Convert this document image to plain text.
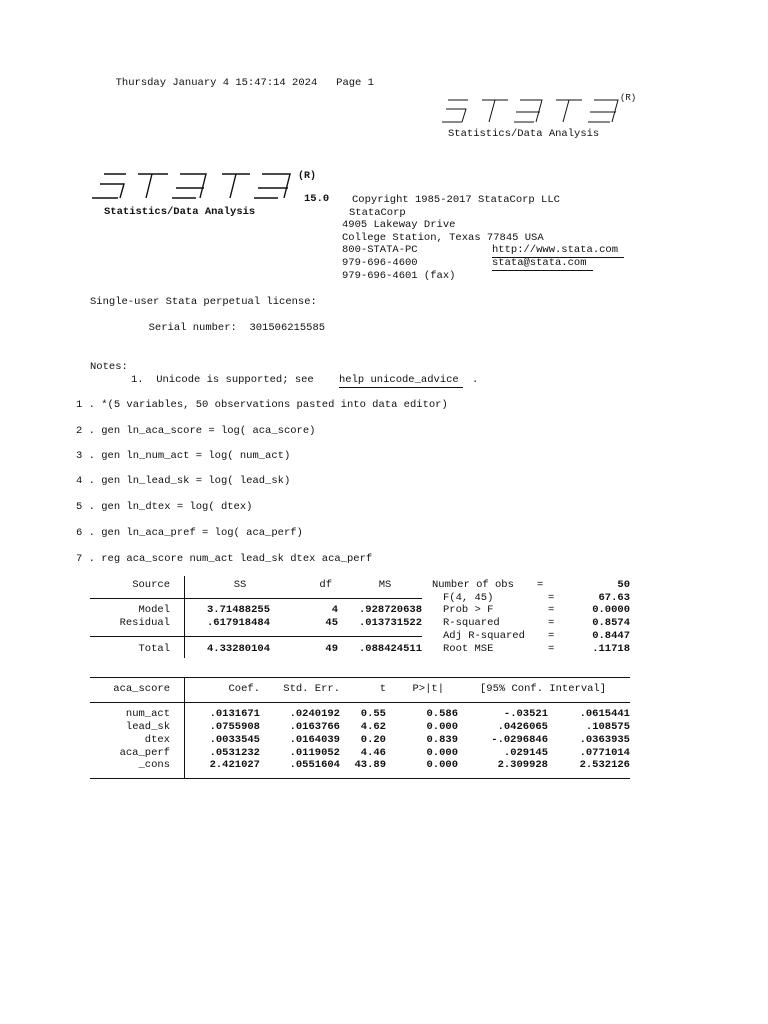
Thursday January 4 15:47:14 2024 Page 1

(R)
Statistics/Data Analysis
(R)
Statistics/Data Analysis
15.0 Copyright 1985-2017 StataCorp LLC
StataCorp
4905 Lakeway Drive
College Station, Texas 77845 USA
800-STATA-PC	http://www.stata.com
979-696-4600	stata@stata.com
979-696-4601 (fax)
Single-user Stata perpetual license:

Serial number: 301506215585

Notes:
1.  Unicode is supported; see help unicode_advice	.
1 . *(5 variables, 50 observations pasted into data editor)
2 . gen ln_aca_score = log( aca_score)
3 . gen ln_num_act = log( num_act)
4 . gen ln_lead_sk = log( lead_sk)
5 . gen ln_dtex = log( dtex)
6 . gen ln_aca_pref = log( aca_perf)
7 . reg aca_score num_act lead_sk dtex aca_perf
Source	SS	df	MS
Model	3.71488255	4	.928720638
Residual	.617918484	45	.013731522
Total	4.33280104	49	.088424511
Number of obs =	50
F(4, 45)	=	67.63
Prob > F	=	0.0000
R-squared	=	0.8574
Adj R-squared =	0.8447
Root MSE	=	.11718
aca_score	Coef.	Std. Err.	t	P>|t|	[95% Conf. Interval]
num_act	.0131671	.0240192	0.55	0.586	-.03521	.0615441
lead_sk	.0755908	.0163766	4.62	0.000	.0426065	.108575
dtex	.0033545	.0164039	0.20	0.839	-.0296846	.0363935
aca_perf	.0531232	.0119052	4.46	0.000	.029145	.0771014
_cons	2.421027	.0551604	43.89	0.000	2.309928	2.532126
